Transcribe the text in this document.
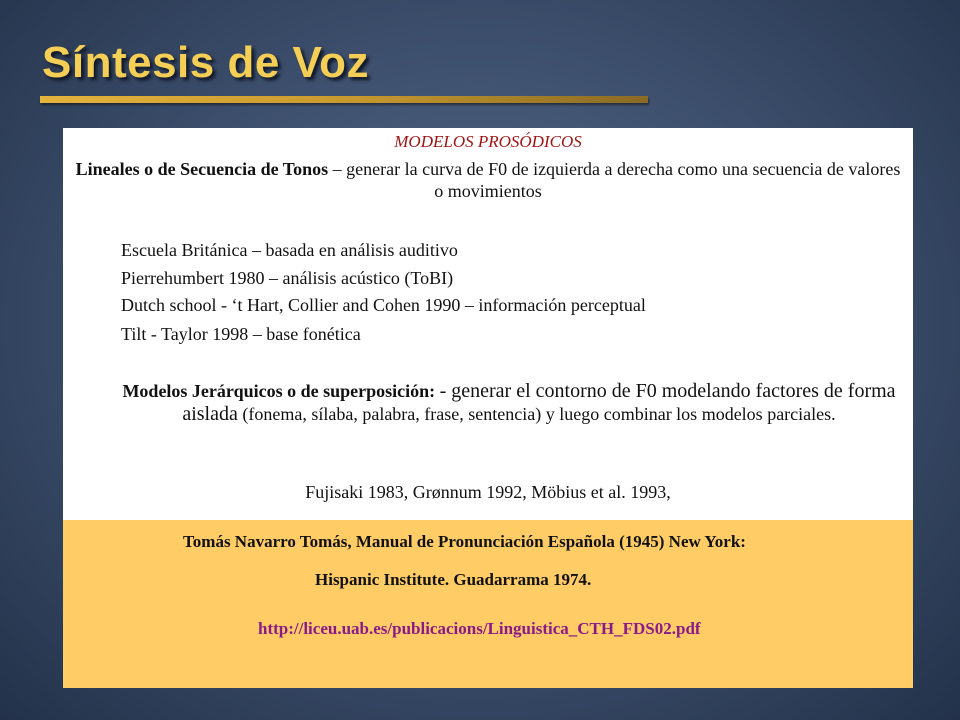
Síntesis de Voz

MODELOS PROSÓDICOS

Lineales o de Secuencia de Tonos – generar la curva de F0 de izquierda a derecha como una secuencia de valores o movimientos

Escuela Británica – basada en análisis auditivo

Pierrehumbert 1980 – análisis acústico (ToBI)

Dutch school - ‘t Hart, Collier and Cohen 1990 – información perceptual

Tilt - Taylor 1998 – base fonética

Modelos Jerárquicos o de superposición: - generar el contorno de F0 modelando factores de forma aislada (fonema, sílaba, palabra, frase, sentencia) y luego combinar los modelos parciales.

Fujisaki 1983, Grønnum 1992, Möbius et al. 1993,

Tomás Navarro Tomás, Manual de Pronunciación Española (1945) New York:

Hispanic Institute. Guadarrama 1974.

http://liceu.uab.es/publicacions/Linguistica_CTH_FDS02.pdf
